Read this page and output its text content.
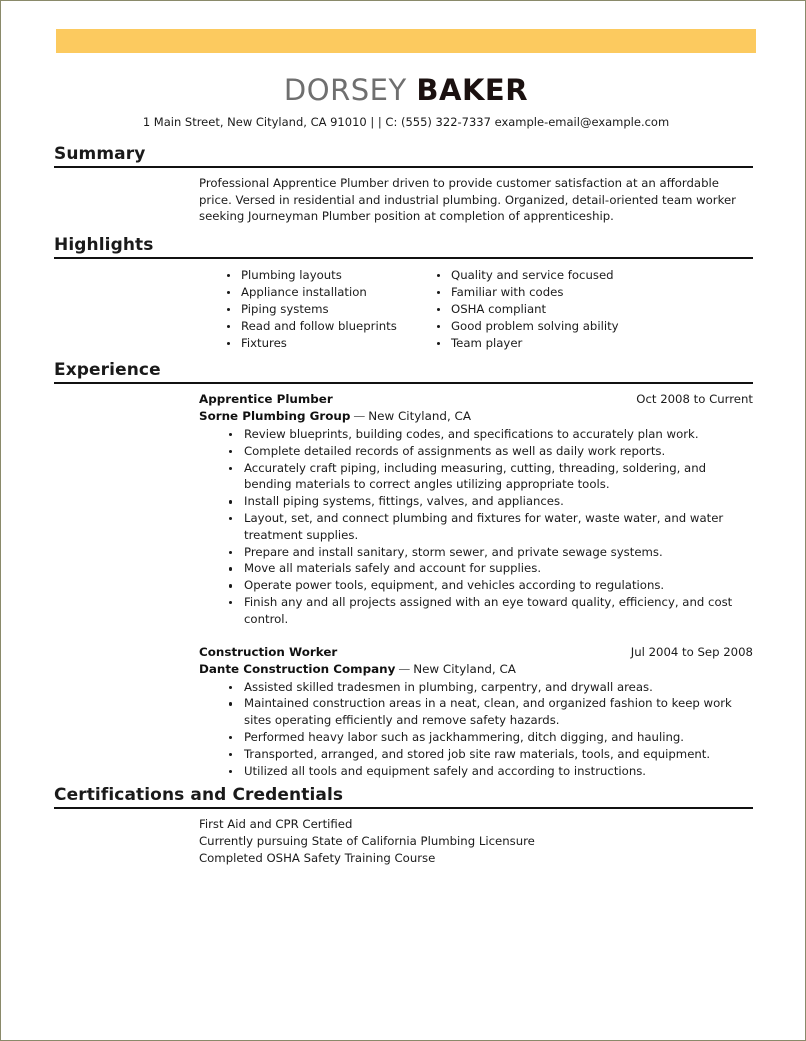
DORSEY BAKER
1 Main Street, New Cityland, CA 91010 | | C: (555) 322-7337 example-email@example.com
Summary
Professional Apprentice Plumber driven to provide customer satisfaction at an affordable price. Versed in residential and industrial plumbing. Organized, detail-oriented team worker seeking Journeyman Plumber position at completion of apprenticeship.
Highlights
Plumbing layouts
Appliance installation
Piping systems
Read and follow blueprints
Fixtures
Quality and service focused
Familiar with codes
OSHA compliant
Good problem solving ability
Team player
Experience
Apprentice Plumber	Oct 2008 to Current
Sorne Plumbing Group — New Cityland, CA
Review blueprints, building codes, and specifications to accurately plan work.
Complete detailed records of assignments as well as daily work reports.
Accurately craft piping, including measuring, cutting, threading, soldering, and bending materials to correct angles utilizing appropriate tools.
Install piping systems, fittings, valves, and appliances.
Layout, set, and connect plumbing and fixtures for water, waste water, and water treatment supplies.
Prepare and install sanitary, storm sewer, and private sewage systems.
Move all materials safely and account for supplies.
Operate power tools, equipment, and vehicles according to regulations.
Finish any and all projects assigned with an eye toward quality, efficiency, and cost control.
Construction Worker	Jul 2004 to Sep 2008
Dante Construction Company — New Cityland, CA
Assisted skilled tradesmen in plumbing, carpentry, and drywall areas.
Maintained construction areas in a neat, clean, and organized fashion to keep work sites operating efficiently and remove safety hazards.
Performed heavy labor such as jackhammering, ditch digging, and hauling.
Transported, arranged, and stored job site raw materials, tools, and equipment.
Utilized all tools and equipment safely and according to instructions.
Certifications and Credentials
First Aid and CPR Certified
Currently pursuing State of California Plumbing Licensure
Completed OSHA Safety Training Course
